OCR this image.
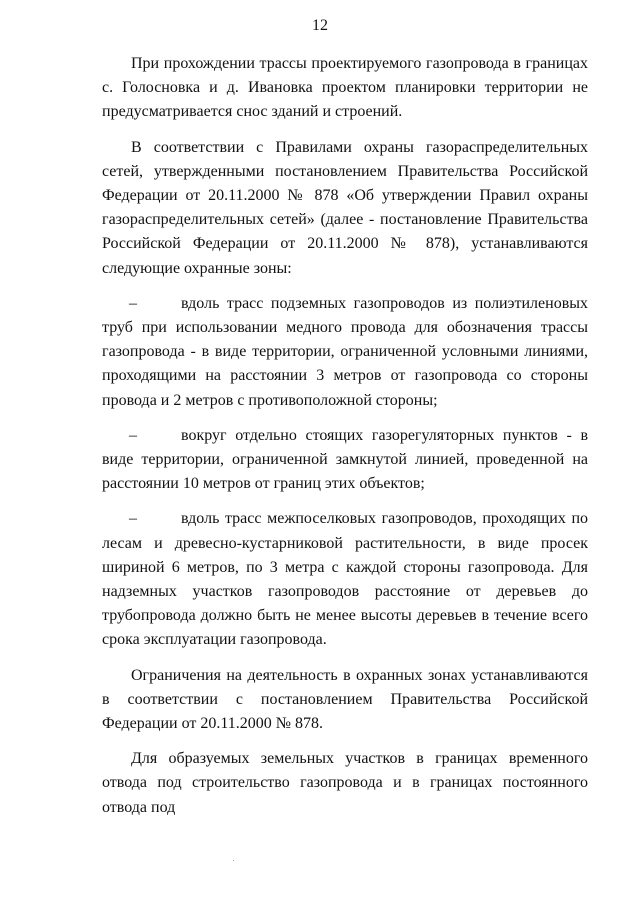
12

При прохождении трассы проектируемого газопровода в границах с. Голосновка и д. Ивановка проектом планировки территории не предусматривается снос зданий и строений.

В соответствии с Правилами охраны газораспределительных сетей, утвержденными постановлением Правительства Российской Федерации от 20.11.2000 № 878 «Об утверждении Правил охраны газораспределительных сетей» (далее - постановление Правительства Российской Федерации от 20.11.2000 № 878), устанавливаются следующие охранные зоны:

–	вдоль трасс подземных газопроводов из полиэтиленовых труб при использовании медного провода для обозначения трассы газопровода - в виде территории, ограниченной условными линиями, проходящими на расстоянии 3 метров от газопровода со стороны провода и 2 метров с противоположной стороны;

–	вокруг отдельно стоящих газорегуляторных пунктов - в виде территории, ограниченной замкнутой линией, проведенной на расстоянии 10 метров от границ этих объектов;

–	вдоль трасс межпоселковых газопроводов, проходящих по лесам и древесно-кустарниковой растительности, в виде просек шириной 6 метров, по 3 метра с каждой стороны газопровода. Для надземных участков газопроводов расстояние от деревьев до трубопровода должно быть не менее высоты деревьев в течение всего срока эксплуатации газопровода.

Ограничения на деятельность в охранных зонах устанавливаются в соответствии с постановлением Правительства Российской Федерации от 20.11.2000 № 878.

Для образуемых земельных участков в границах временного отвода под строительство газопровода и в границах постоянного отвода под
